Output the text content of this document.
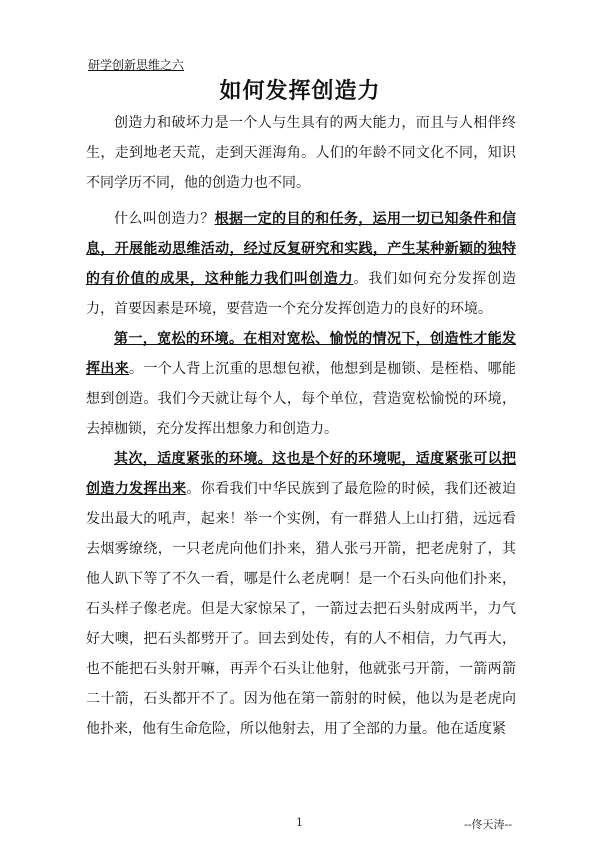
研学创新思维之六
如何发挥创造力

创造力和破坏力是一个人与生具有的两大能力，而且与人相伴终生，走到地老天荒，走到天涯海角。人们的年龄不同文化不同，知识不同学历不同，他的创造力也不同。

什么叫创造力？根据一定的目的和任务，运用一切已知条件和信息，开展能动思维活动，经过反复研究和实践，产生某种新颖的独特的有价值的成果，这种能力我们叫创造力。我们如何充分发挥创造力，首要因素是环境，要营造一个充分发挥创造力的良好的环境。

第一，宽松的环境。在相对宽松、愉悦的情况下，创造性才能发挥出来。一个人背上沉重的思想包袱，他想到是枷锁、是桎梏、哪能想到创造。我们今天就让每个人，每个单位，营造宽松愉悦的环境，去掉枷锁，充分发挥出想象力和创造力。

其次，适度紧张的环境。这也是个好的环境呢，适度紧张可以把创造力发挥出来。你看我们中华民族到了最危险的时候，我们还被迫发出最大的吼声，起来！举一个实例，有一群猎人上山打猎，远远看去烟雾缭绕，一只老虎向他们扑来，猎人张弓开箭，把老虎射了，其他人趴下等了不久一看，哪是什么老虎啊！是一个石头向他们扑来，石头样子像老虎。但是大家惊呆了，一箭过去把石头射成两半，力气好大噢，把石头都劈开了。回去到处传，有的人不相信，力气再大，也不能把石头射开嘛，再弄个石头让他射，他就张弓开箭，一箭两箭二十箭，石头都开不了。因为他在第一箭射的时候，他以为是老虎向他扑来，他有生命危险，所以他射去，用了全部的力量。他在适度紧

1	--佟天涛--
